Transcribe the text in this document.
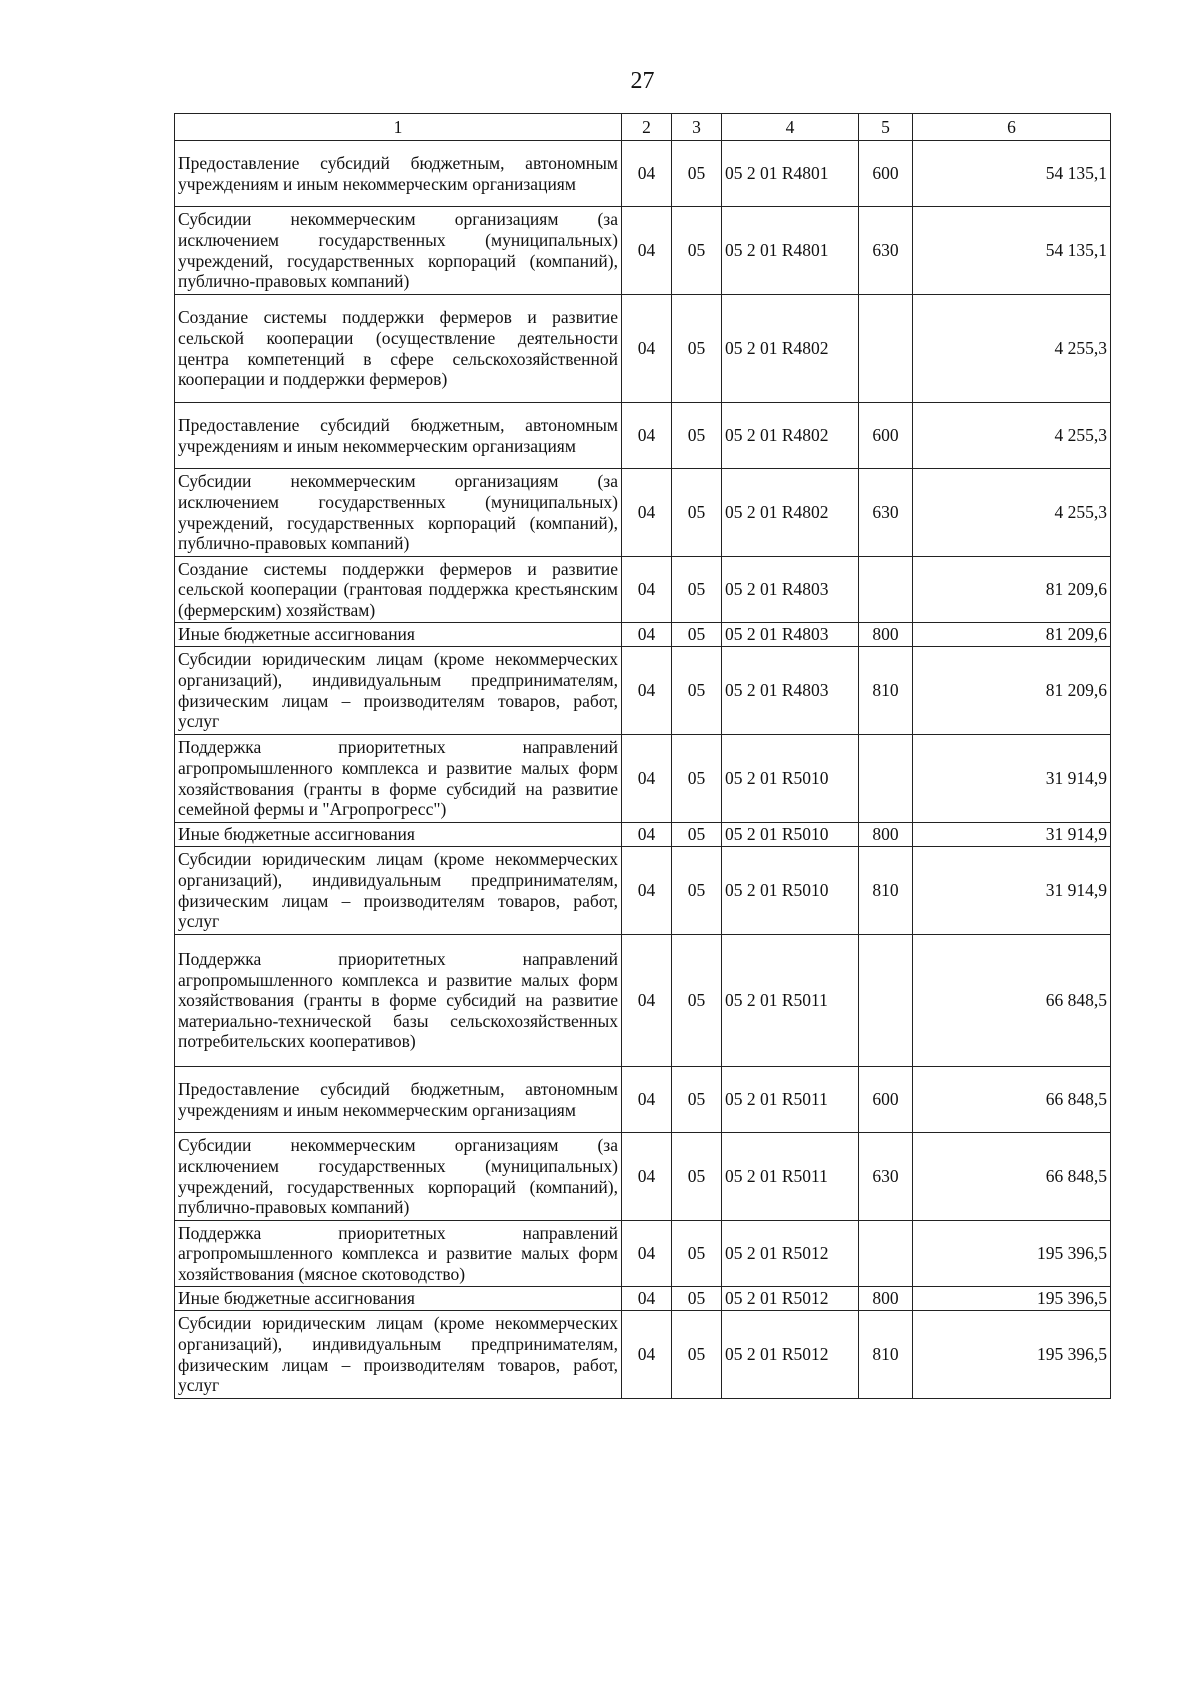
27
1	2	3	4	5	6
Предоставление субсидий бюджетным, автономным учреждениям и иным некоммерческим организациям	04	05	05 2 01 R4801	600	54 135,1
Субсидии некоммерческим организациям (за исключением государственных (муниципальных) учреждений, государственных корпораций (компаний), публично-правовых компаний)	04	05	05 2 01 R4801	630	54 135,1
Создание системы поддержки фермеров и развитие сельской кооперации (осуществление деятельности центра компетенций в сфере сельскохозяйственной кооперации и поддержки фермеров)	04	05	05 2 01 R4802		4 255,3
Предоставление субсидий бюджетным, автономным учреждениям и иным некоммерческим организациям	04	05	05 2 01 R4802	600	4 255,3
Субсидии некоммерческим организациям (за исключением государственных (муниципальных) учреждений, государственных корпораций (компаний), публично-правовых компаний)	04	05	05 2 01 R4802	630	4 255,3
Создание системы поддержки фермеров и развитие сельской кооперации (грантовая поддержка крестьянским (фермерским) хозяйствам)	04	05	05 2 01 R4803		81 209,6
Иные бюджетные ассигнования	04	05	05 2 01 R4803	800	81 209,6
Субсидии юридическим лицам (кроме некоммерческих организаций), индивидуальным предпринимателям, физическим лицам – производителям товаров, работ, услуг	04	05	05 2 01 R4803	810	81 209,6
Поддержка приоритетных направлений агропромышленного комплекса и развитие малых форм хозяйствования (гранты в форме субсидий на развитие семейной фермы и "Агропрогресс")	04	05	05 2 01 R5010		31 914,9
Иные бюджетные ассигнования	04	05	05 2 01 R5010	800	31 914,9
Субсидии юридическим лицам (кроме некоммерческих организаций), индивидуальным предпринимателям, физическим лицам – производителям товаров, работ, услуг	04	05	05 2 01 R5010	810	31 914,9
Поддержка приоритетных направлений агропромышленного комплекса и развитие малых форм хозяйствования (гранты в форме субсидий на развитие материально-технической базы сельскохозяйственных потребительских кооперативов)	04	05	05 2 01 R5011		66 848,5
Предоставление субсидий бюджетным, автономным учреждениям и иным некоммерческим организациям	04	05	05 2 01 R5011	600	66 848,5
Субсидии некоммерческим организациям (за исключением государственных (муниципальных) учреждений, государственных корпораций (компаний), публично-правовых компаний)	04	05	05 2 01 R5011	630	66 848,5
Поддержка приоритетных направлений агропромышленного комплекса и развитие малых форм хозяйствования (мясное скотоводство)	04	05	05 2 01 R5012		195 396,5
Иные бюджетные ассигнования	04	05	05 2 01 R5012	800	195 396,5
Субсидии юридическим лицам (кроме некоммерческих организаций), индивидуальным предпринимателям, физическим лицам – производителям товаров, работ, услуг	04	05	05 2 01 R5012	810	195 396,5
